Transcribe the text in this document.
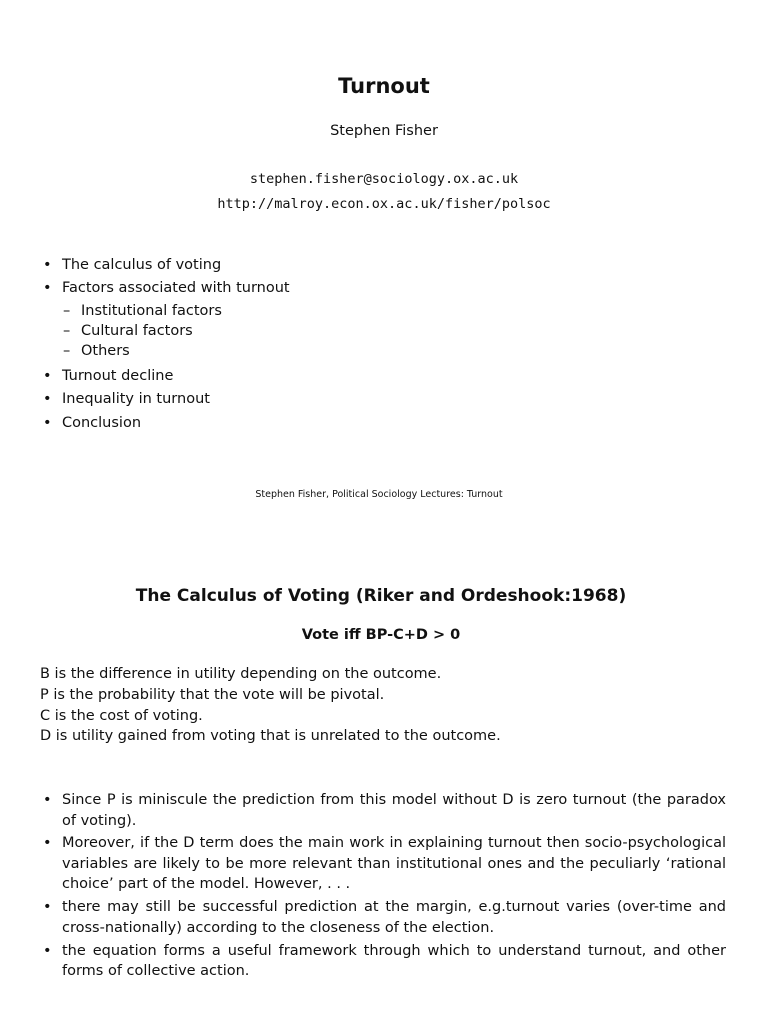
Turnout
Stephen Fisher
stephen.fisher@sociology.ox.ac.uk
http://malroy.econ.ox.ac.uk/fisher/polsoc
• The calculus of voting
• Factors associated with turnout
– Institutional factors
– Cultural factors
– Others
• Turnout decline
• Inequality in turnout
• Conclusion
Stephen Fisher, Political Sociology Lectures: Turnout
The Calculus of Voting (Riker and Ordeshook:1968)
Vote iff BP-C+D > 0
B is the difference in utility depending on the outcome.
P is the probability that the vote will be pivotal.
C is the cost of voting.
D is utility gained from voting that is unrelated to the outcome.
• Since P is miniscule the prediction from this model without D is zero turnout (the paradox of voting).
• Moreover, if the D term does the main work in explaining turnout then socio-psychological variables are likely to be more relevant than institutional ones and the peculiarly ‘rational choice’ part of the model. However, . . .
• there may still be successful prediction at the margin, e.g.turnout varies (over-time and cross-nationally) according to the closeness of the election.
• the equation forms a useful framework through which to understand turnout, and other forms of collective action.
